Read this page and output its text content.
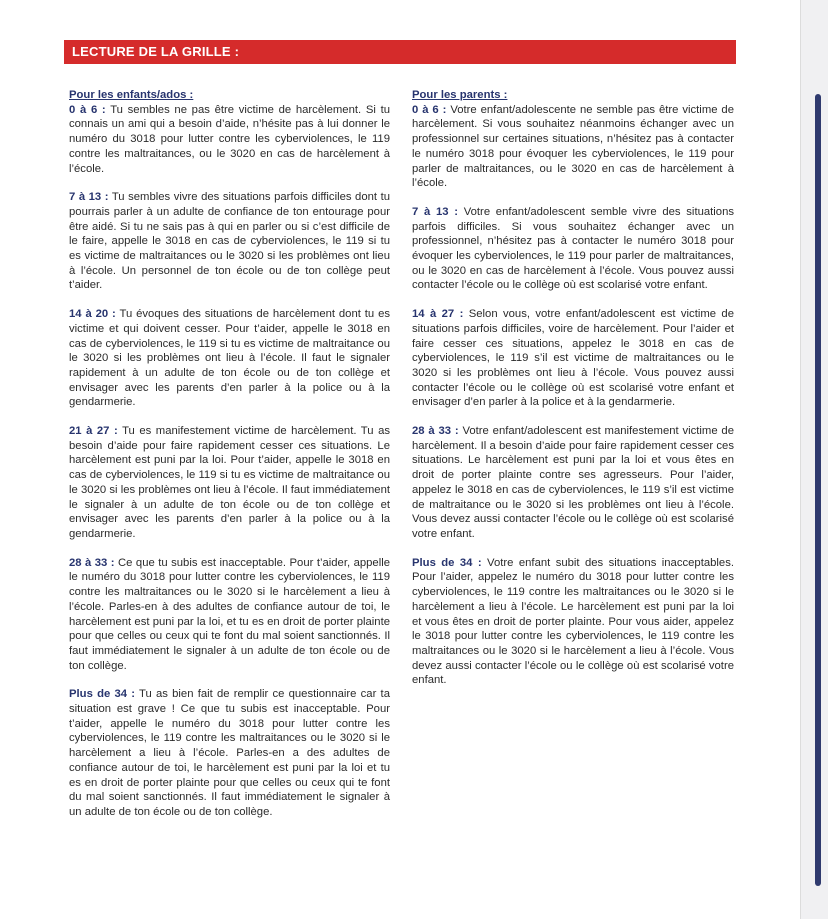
LECTURE DE LA GRILLE :
Pour les enfants/ados :

0 à 6 : Tu sembles ne pas être victime de harcèlement. Si tu connais un ami qui a besoin d’aide, n’hésite pas à lui donner le numéro du 3018 pour lutter contre les cyberviolences, le 119 contre les maltraitances, ou le 3020 en cas de harcèlement à l’école.

7 à 13 : Tu sembles vivre des situations parfois difficiles dont tu pourrais parler à un adulte de confiance de ton entourage pour être aidé. Si tu ne sais pas à qui en parler ou si c’est difficile de le faire, appelle le 3018 en cas de cyberviolences, le 119 si tu es victime de maltraitances ou le 3020 si les problèmes ont lieu à l’école. Un personnel de ton école ou de ton collège peut t’aider.

14 à 20 : Tu évoques des situations de harcèlement dont tu es victime et qui doivent cesser. Pour t’aider, appelle le 3018 en cas de cyberviolences, le 119 si tu es victime de maltraitance ou le 3020 si les problèmes ont lieu à l’école. Il faut le signaler rapidement à un adulte de ton école ou de ton collège et envisager avec les parents d’en parler à la police ou à la gendarmerie.

21 à 27 : Tu es manifestement victime de harcèlement. Tu as besoin d’aide pour faire rapidement cesser ces situations. Le harcèlement est puni par la loi. Pour t’aider, appelle le 3018 en cas de cyberviolences, le 119 si tu es victime de maltraitance ou le 3020 si les problèmes ont lieu à l’école. Il faut immédiatement le signaler à un adulte de ton école ou de ton collège et envisager avec les parents d’en parler à la police ou à la gendarmerie.

28 à 33 : Ce que tu subis est inacceptable. Pour t’aider, appelle le numéro du 3018 pour lutter contre les cyberviolences, le 119 contre les maltraitances ou le 3020 si le harcèlement a lieu à l’école. Parles-en à des adultes de confiance autour de toi, le harcèlement est puni par la loi, et tu es en droit de porter plainte pour que celles ou ceux qui te font du mal soient sanctionnés. Il faut immédiatement le signaler à un adulte de ton école ou de ton collège.

Plus de 34 : Tu as bien fait de remplir ce questionnaire car ta situation est grave ! Ce que tu subis est inacceptable. Pour t’aider, appelle le numéro du 3018 pour lutter contre les cyberviolences, le 119 contre les maltraitances ou le 3020 si le harcèlement a lieu à l’école. Parles-en a des adultes de confiance autour de toi, le harcèlement est puni par la loi et tu es en droit de porter plainte pour que celles ou ceux qui te font du mal soient sanctionnés. Il faut immédiatement le signaler à un adulte de ton école ou de ton collège.

Pour les parents :

0 à 6 : Votre enfant/adolescente ne semble pas être victime de harcèlement. Si vous souhaitez néanmoins échanger avec un professionnel sur certaines situations, n’hésitez pas à contacter le numéro 3018 pour évoquer les cyberviolences, le 119 pour parler de maltraitances, ou le 3020 en cas de harcèlement à l’école.

7 à 13 : Votre enfant/adolescent semble vivre des situations parfois difficiles. Si vous souhaitez échanger avec un professionnel, n’hésitez pas à contacter le numéro 3018 pour évoquer les cyberviolences, le 119 pour parler de maltraitances, ou le 3020 en cas de harcèlement à l’école. Vous pouvez aussi contacter l’école ou le collège où est scolarisé votre enfant.

14 à 27 : Selon vous, votre enfant/adolescent est victime de situations parfois difficiles, voire de harcèlement. Pour l’aider et faire cesser ces situations, appelez le 3018 en cas de cyberviolences, le 119 s’il est victime de maltraitances ou le 3020 si les problèmes ont lieu à l’école. Vous pouvez aussi contacter l’école ou le collège où est scolarisé votre enfant et envisager d’en parler à la police et à la gendarmerie.

28 à 33 : Votre enfant/adolescent est manifestement victime de harcèlement. Il a besoin d’aide pour faire rapidement cesser ces situations. Le harcèlement est puni par la loi et vous êtes en droit de porter plainte contre ses agresseurs. Pour l’aider, appelez le 3018 en cas de cyberviolences, le 119 s’il est victime de maltraitance ou le 3020 si les problèmes ont lieu à l’école. Vous devez aussi contacter l’école ou le collège où est scolarisé votre enfant.

Plus de 34 : Votre enfant subit des situations inacceptables. Pour l’aider, appelez le numéro du 3018 pour lutter contre les cyberviolences, le 119 contre les maltraitances ou le 3020 si le harcèlement a lieu à l’école. Le harcèlement est puni par la loi et vous êtes en droit de porter plainte. Pour vous aider, appelez le 3018 pour lutter contre les cyberviolences, le 119 contre les maltraitances ou le 3020 si le harcèlement a lieu à l’école. Vous devez aussi contacter l’école ou le collège où est scolarisé votre enfant.
